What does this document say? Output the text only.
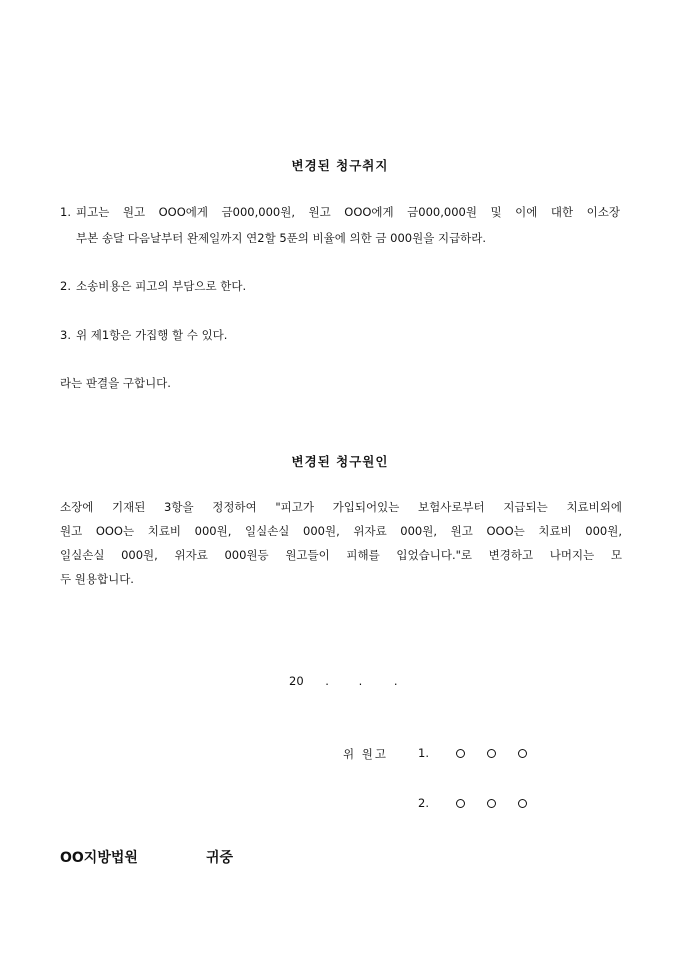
변경된 청구취지
1. 피고는 원고 OOO에게 금000,000원, 원고 OOO에게 금000,000원 및 이에 대한 이소장
부본 송달 다음날부터 완제일까지 연2할 5푼의 비율에 의한 금 000원을 지급하라.
2. 소송비용은 피고의 부담으로 한다.
3. 위 제1항은 가집행 할 수 있다.
라는 판결을 구합니다.
변경된 청구원인
소장에 기재된 3항을 정정하여 "피고가 가입되어있는 보험사로부터 지급되는 치료비외에
원고 OOO는 치료비 000원, 일실손실 000원, 위자료 000원, 원고 OOO는 치료비 000원,
일실손실 000원, 위자료 000원등 원고들이 피해를 입었습니다."로 변경하고 나머지는 모
두 원용합니다.
20 .	.	.
위 원고	1.
2.
OO지방법원	귀중
